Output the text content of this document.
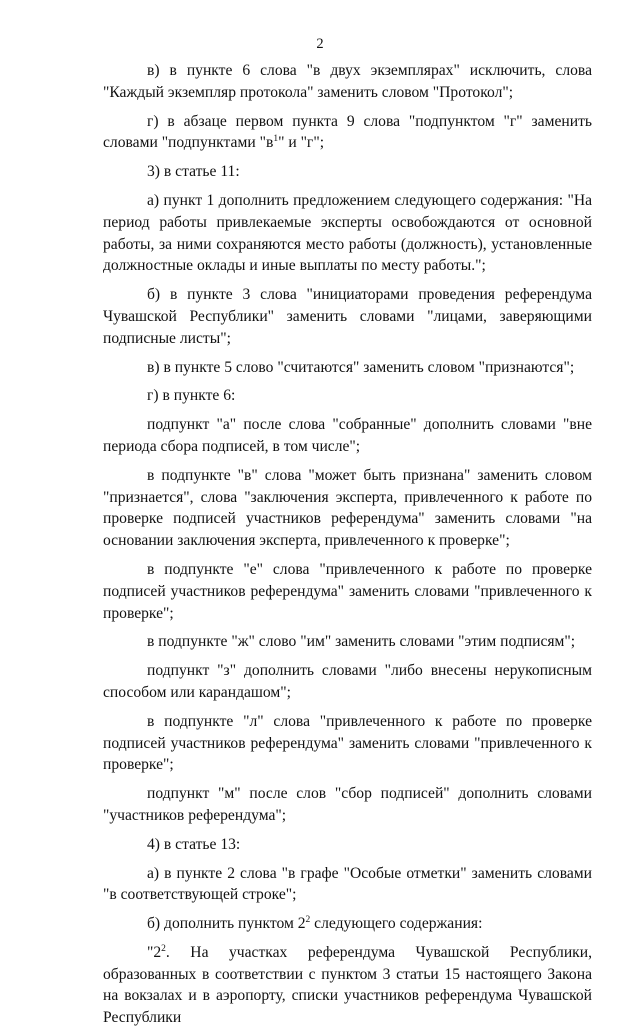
2

в) в пункте 6 слова "в двух экземплярах" исключить, слова "Каждый экземпляр протокола" заменить словом "Протокол";

г) в абзаце первом пункта 9 слова "подпунктом "г" заменить словами "подпунктами "$в^1$" и "г";

3) в статье 11:

а) пункт 1 дополнить предложением следующего содержания: "На период работы привлекаемые эксперты освобождаются от основной работы, за ними сохраняются место работы (должность), установленные должностные оклады и иные выплаты по месту работы.";

б) в пункте 3 слова "инициаторами проведения референдума Чувашской Республики" заменить словами "лицами, заверяющими подписные листы";

в) в пункте 5 слово "считаются" заменить словом "признаются";

г) в пункте 6:

подпункт "а" после слова "собранные" дополнить словами "вне периода сбора подписей, в том числе";

в подпункте "в" слова "может быть признана" заменить словом "признается", слова "заключения эксперта, привлеченного к работе по проверке подписей участников референдума" заменить словами "на основании заключения эксперта, привлеченного к проверке";

в подпункте "е" слова "привлеченного к работе по проверке подписей участников референдума" заменить словами "привлеченного к проверке";

в подпункте "ж" слово "им" заменить словами "этим подписям";

подпункт "з" дополнить словами "либо внесены нерукописным способом или карандашом";

в подпункте "л" слова "привлеченного к работе по проверке подписей участников референдума" заменить словами "привлеченного к проверке";

подпункт "м" после слов "сбор подписей" дополнить словами "участников референдума";

4) в статье 13:

а) в пункте 2 слова "в графе "Особые отметки" заменить словами "в соответствующей строке";

б) дополнить пунктом $2^2$ следующего содержания:

"$2^2$. На участках референдума Чувашской Республики, образованных в соответствии с пунктом 3 статьи 15 настоящего Закона на вокзалах и в аэропорту, списки участников референдума Чувашской Республики
